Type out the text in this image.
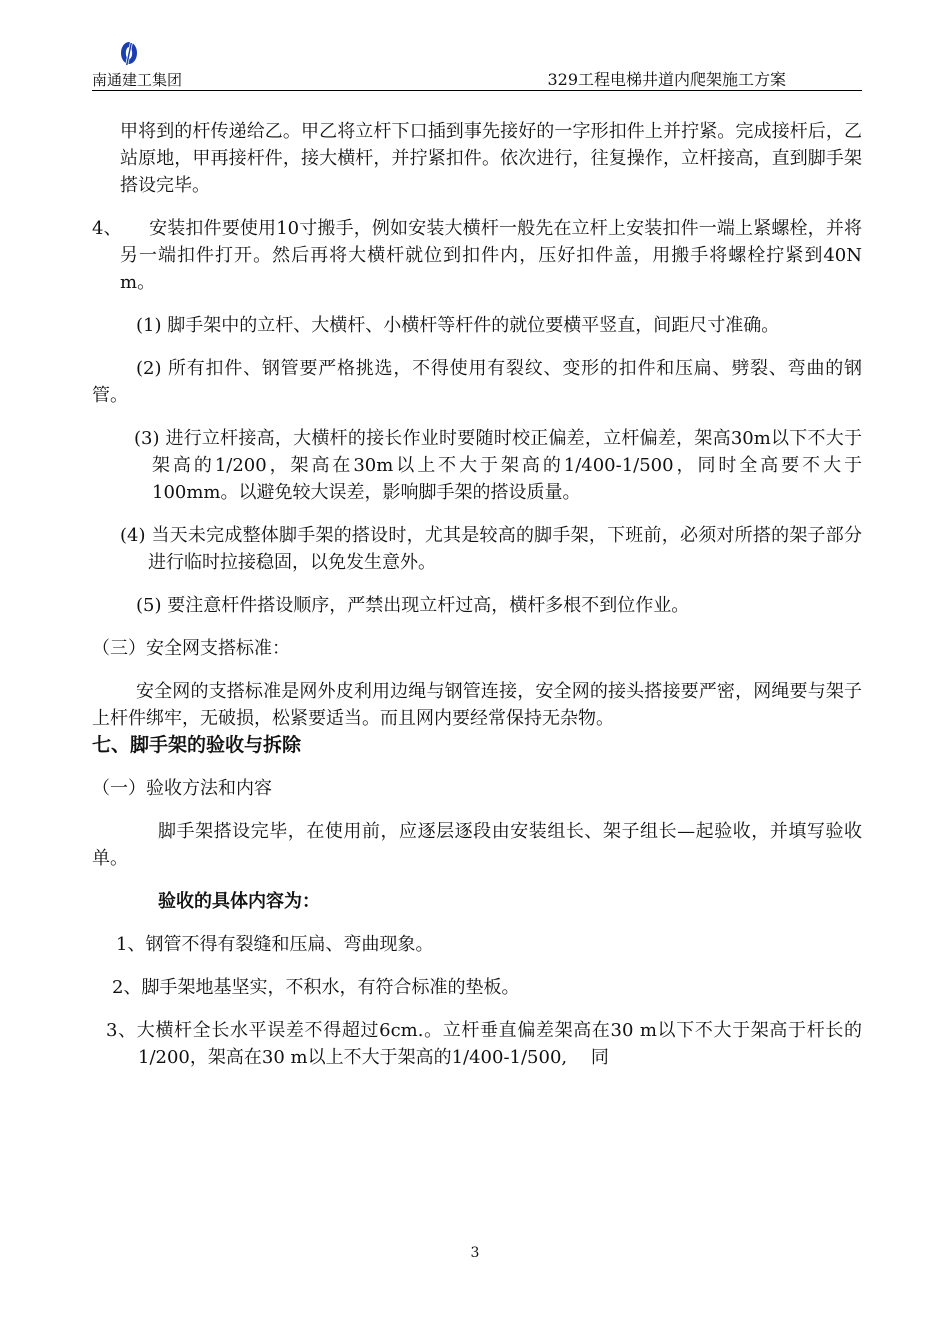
南通建工集团	329工程电梯井道内爬架施工方案

甲将到的杆传递给乙。甲乙将立杆下口插到事先接好的一字形扣件上并拧紧。完成接杆后，乙站原地，甲再接杆件，接大横杆，并拧紧扣件。依次进行，往复操作，立杆接高，直到脚手架搭设完毕。

4、　　安装扣件要使用10寸搬手，例如安装大横杆一般先在立杆上安装扣件一端上紧螺栓，并将另一端扣件打开。然后再将大横杆就位到扣件内，压好扣件盖，用搬手将螺栓拧紧到40N m。

(1) 脚手架中的立杆、大横杆、小横杆等杆件的就位要横平竖直，间距尺寸准确。

(2) 所有扣件、钢管要严格挑选，不得使用有裂纹、变形的扣件和压扁、劈裂、弯曲的钢管。

(3) 进行立杆接高，大横杆的接长作业时要随时校正偏差，立杆偏差，架高30m以下不大于架高的1/200，架高在30m以上不大于架高的1/400-1/500，同时全高要不大于100mm。以避免较大误差，影响脚手架的搭设质量。

(4) 当天未完成整体脚手架的搭设时，尤其是较高的脚手架，下班前，必须对所搭的架子部分进行临时拉接稳固，以免发生意外。

(5) 要注意杆件搭设顺序，严禁出现立杆过高，横杆多根不到位作业。

（三）安全网支搭标准：

安全网的支搭标准是网外皮利用边绳与钢管连接，安全网的接头搭接要严密，网绳要与架子上杆件绑牢，无破损，松紧要适当。而且网内要经常保持无杂物。

七、脚手架的验收与拆除

（一）验收方法和内容

脚手架搭设完毕，在使用前，应逐层逐段由安装组长、架子组长—起验收，并填写验收单。

验收的具体内容为：

1、钢管不得有裂缝和压扁、弯曲现象。

2、脚手架地基坚实，不积水，有符合标准的垫板。

3、大横杆全长水平误差不得超过6cm.。立杆垂直偏差架高在30 m以下不大于架高于杆长的1/200，架高在30 m以上不大于架高的1/400-1/500,　 同

3
